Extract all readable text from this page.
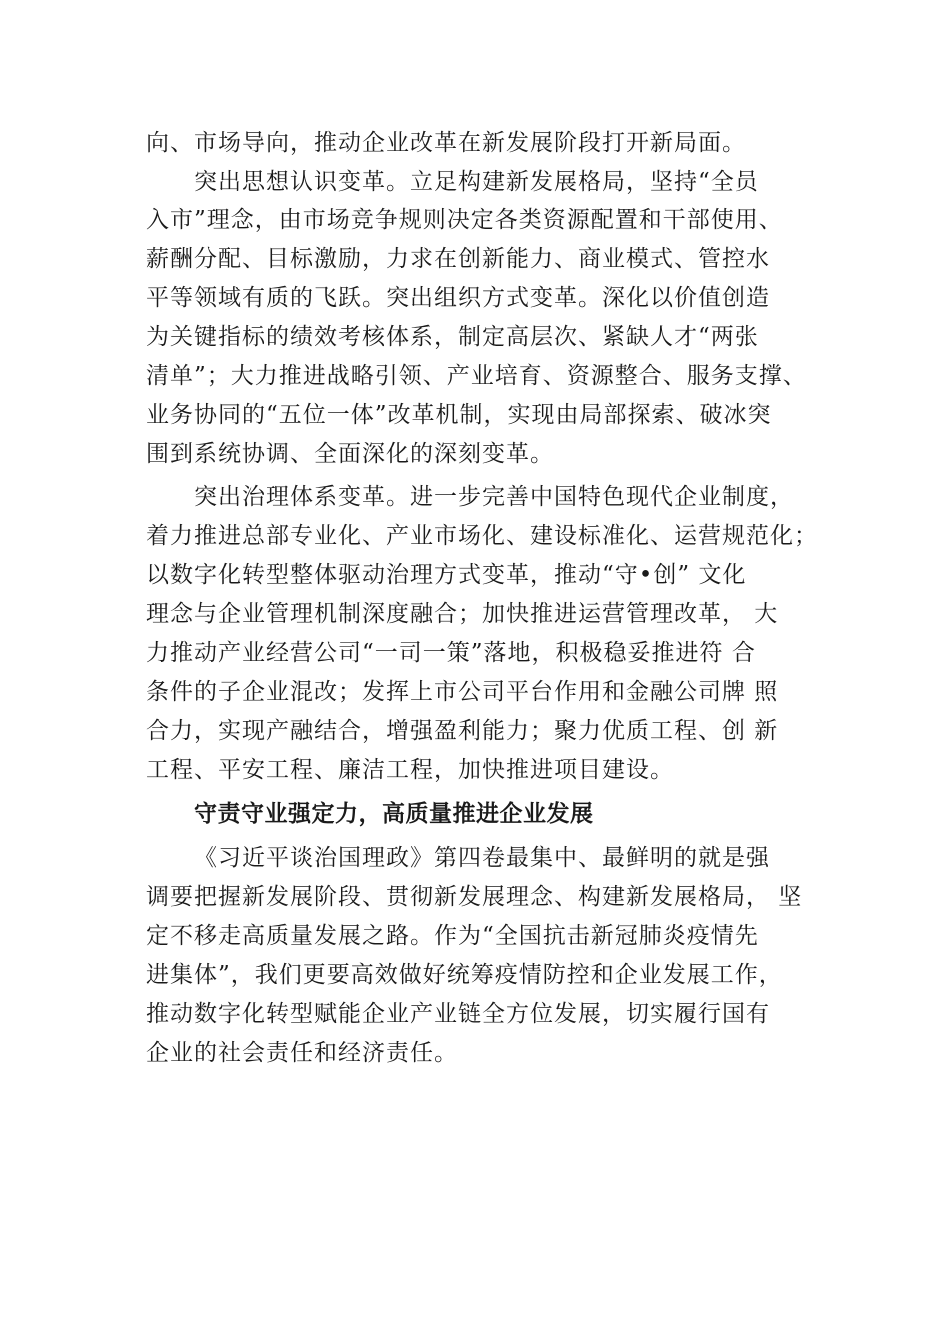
向、市场导向，推动企业改革在新发展阶段打开新局面。
突出思想认识变革。立足构建新发展格局，坚持“全员
入市”理念，由市场竞争规则决定各类资源配置和干部使用、
薪酬分配、目标激励，力求在创新能力、商业模式、管控水
平等领域有质的飞跃。突出组织方式变革。深化以价值创造
为关键指标的绩效考核体系，制定高层次、紧缺人才“两张
清单”；大力推进战略引领、产业培育、资源整合、服务支撑、
业务协同的“五位一体”改革机制，实现由局部探索、破冰突
围到系统协调、全面深化的深刻变革。
突出治理体系变革。进一步完善中国特色现代企业制度，
着力推进总部专业化、产业市场化、建设标准化、运营规范化；
以数字化转型整体驱动治理方式变革，推动“守•创” 文化
理念与企业管理机制深度融合；加快推进运营管理改革， 大
力推动产业经营公司“一司一策”落地，积极稳妥推进符 合
条件的子企业混改；发挥上市公司平台作用和金融公司牌 照
合力，实现产融结合，增强盈利能力；聚力优质工程、创 新
工程、平安工程、廉洁工程，加快推进项目建设。
守责守业强定力，高质量推进企业发展
《习近平谈治国理政》第四卷最集中、最鲜明的就是强
调要把握新发展阶段、贯彻新发展理念、构建新发展格局， 坚
定不移走高质量发展之路。作为“全国抗击新冠肺炎疫情先
进集体”，我们更要高效做好统筹疫情防控和企业发展工作，
推动数字化转型赋能企业产业链全方位发展，切实履行国有
企业的社会责任和经济责任。
